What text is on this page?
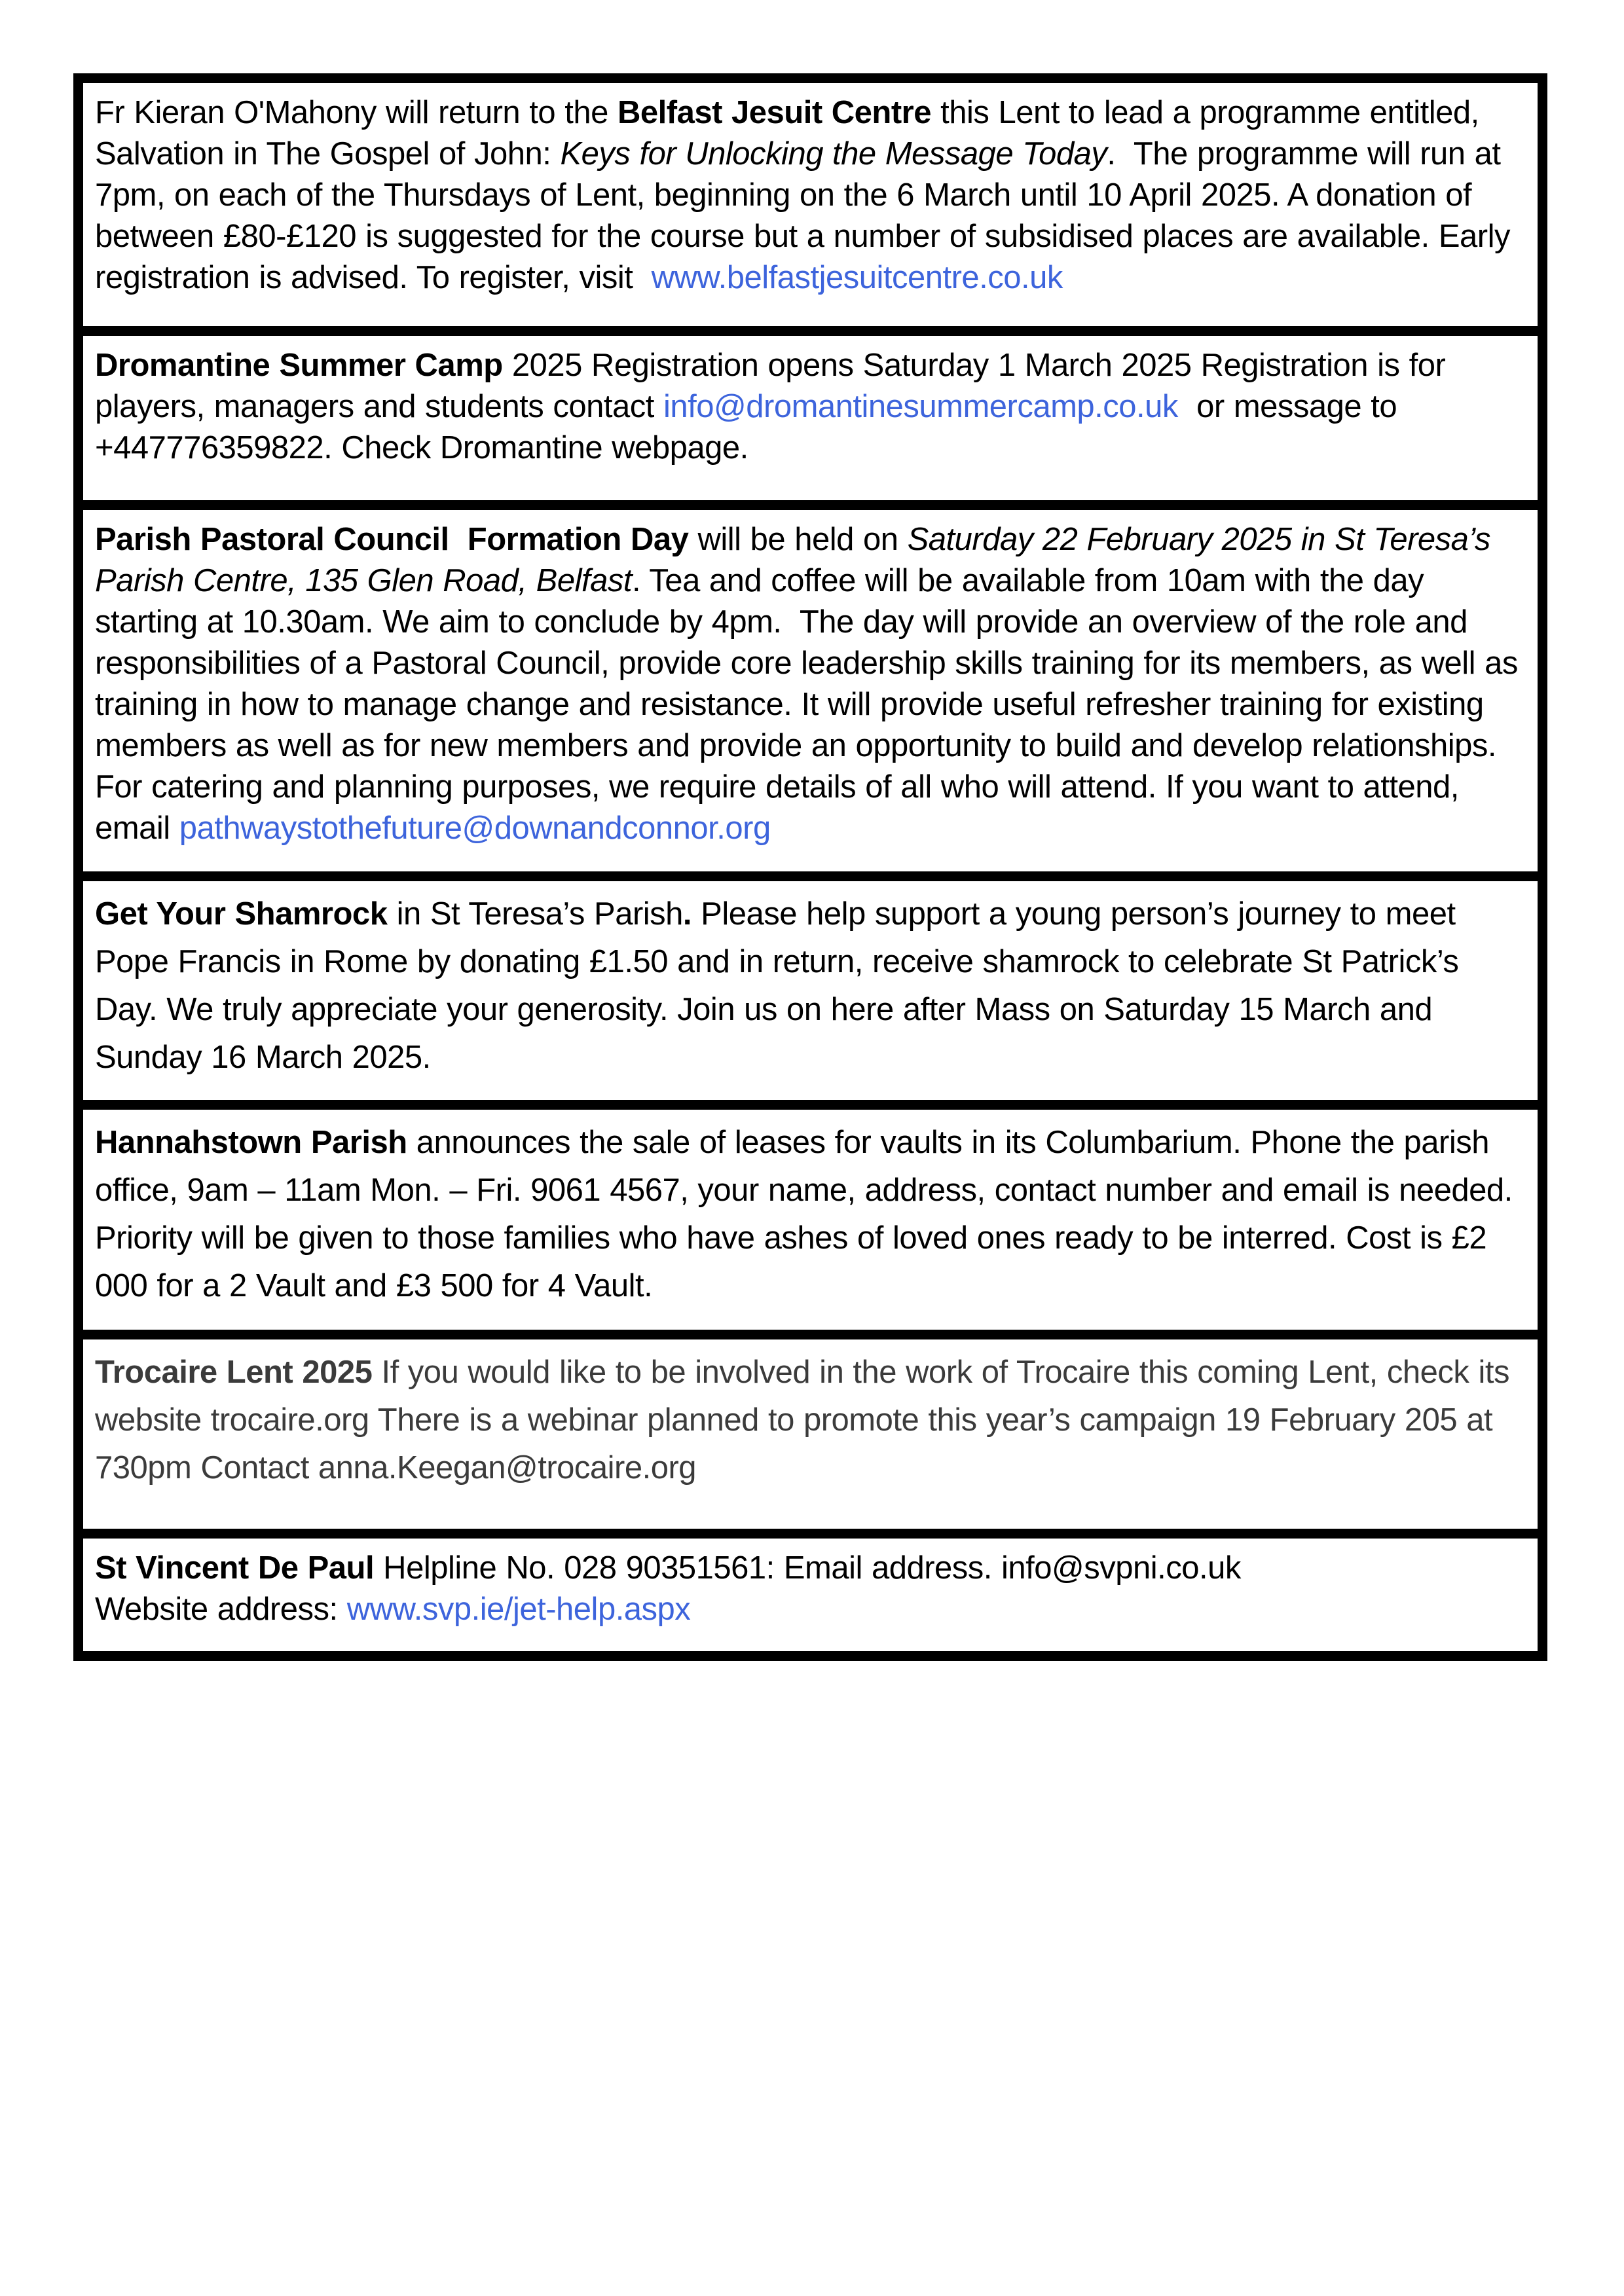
Fr Kieran O'Mahony will return to the Belfast Jesuit Centre this Lent to lead a programme entitled, Salvation in The Gospel of John: Keys for Unlocking the Message Today.  The programme will run at 7pm, on each of the Thursdays of Lent, beginning on the 6 March until 10 April 2025. A donation of between £80-£120 is suggested for the course but a number of subsidised places are available. Early registration is advised. To register, visit  www.belfastjesuitcentre.co.uk
Dromantine Summer Camp 2025 Registration opens Saturday 1 March 2025 Registration is for players, managers and students contact info@dromantinesummercamp.co.uk  or message to +447776359822. Check Dromantine webpage.
Parish Pastoral Council  Formation Day will be held on Saturday 22 February 2025 in St Teresa’s Parish Centre, 135 Glen Road, Belfast. Tea and coffee will be available from 10am with the day starting at 10.30am. We aim to conclude by 4pm.  The day will provide an overview of the role and responsibilities of a Pastoral Council, provide core leadership skills training for its members, as well as training in how to manage change and resistance. It will provide useful refresher training for existing members as well as for new members and provide an opportunity to build and develop relationships. For catering and planning purposes, we require details of all who will attend. If you want to attend, email pathwaystothefuture@downandconnor.org
Get Your Shamrock in St Teresa’s Parish. Please help support a young person’s journey to meet Pope Francis in Rome by donating £1.50 and in return, receive shamrock to celebrate St Patrick’s Day. We truly appreciate your generosity. Join us on here after Mass on Saturday 15 March and Sunday 16 March 2025.
Hannahstown Parish announces the sale of leases for vaults in its Columbarium. Phone the parish office, 9am – 11am Mon. – Fri. 9061 4567, your name, address, contact number and email is needed. Priority will be given to those families who have ashes of loved ones ready to be interred. Cost is £2 000 for a 2 Vault and £3 500 for 4 Vault.
Trocaire Lent 2025 If you would like to be involved in the work of Trocaire this coming Lent, check its website trocaire.org There is a webinar planned to promote this year’s campaign 19 February 205 at 730pm Contact anna.Keegan@trocaire.org
St Vincent De Paul Helpline No. 028 90351561: Email address. info@svpni.co.uk
Website address: www.svp.ie/jet-help.aspx
